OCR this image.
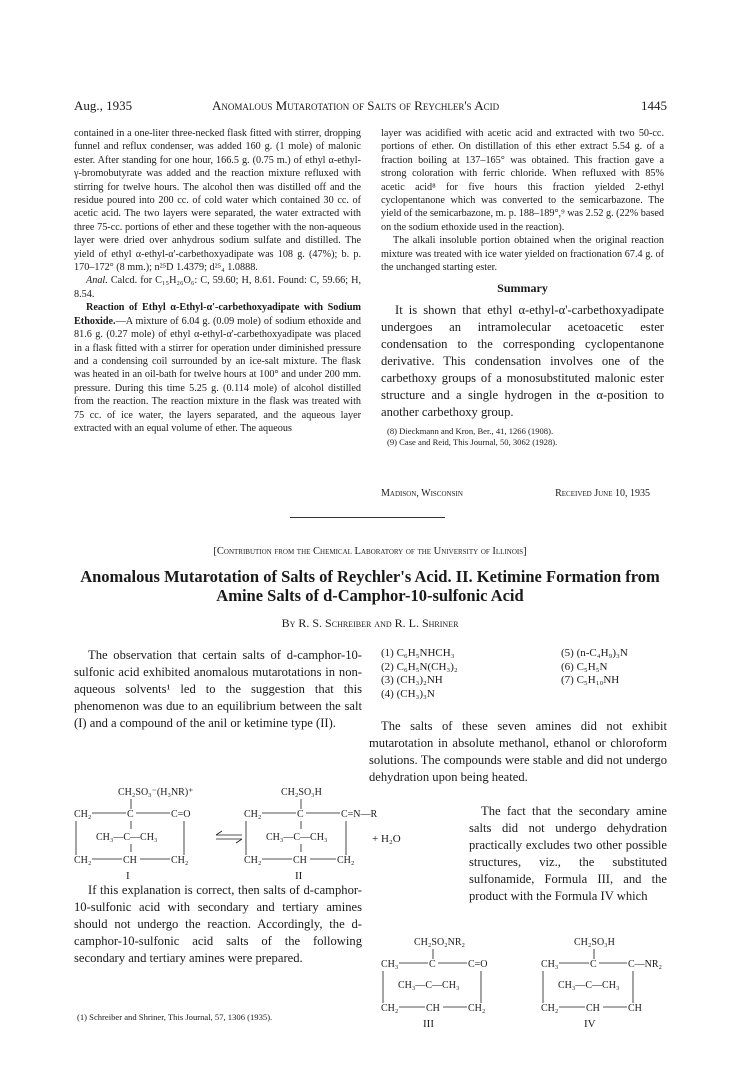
Aug., 1935	Anomalous Mutarotation of Salts of Reychler's Acid	1445

contained in a one-liter three-necked flask fitted with stirrer, dropping funnel and reflux condenser, was added 160 g. (1 mole) of malonic ester. After standing for one hour, 166.5 g. (0.75 m.) of ethyl α-ethyl-γ-bromobutyrate was added and the reaction mixture refluxed with stirring for twelve hours. The alcohol then was distilled off and the residue poured into 200 cc. of cold water which contained 30 cc. of acetic acid. The two layers were separated, the water extracted with three 75-cc. portions of ether and these together with the non-aqueous layer were dried over anhydrous sodium sulfate and distilled. The yield of ethyl α-ethyl-α'-carbethoxyadipate was 108 g. (47%); b. p. 170–172° (8 mm.); n²⁵D 1.4379; d²⁵₄ 1.0888.

Anal. Calcd. for C₁₅H₂₆O₆: C, 59.60; H, 8.61. Found: C, 59.66; H, 8.54.

Reaction of Ethyl α-Ethyl-α'-carbethoxyadipate with Sodium Ethoxide.—A mixture of 6.04 g. (0.09 mole) of sodium ethoxide and 81.6 g. (0.27 mole) of ethyl α-ethyl-α'-carbethoxyadipate was placed in a flask fitted with a stirrer for operation under diminished pressure and a condensing coil surrounded by an ice-salt mixture. The flask was heated in an oil-bath for twelve hours at 100° and under 200 mm. pressure. During this time 5.25 g. (0.114 mole) of alcohol distilled from the reaction. The reaction mixture in the flask was treated with 75 cc. of ice water, the layers separated, and the aqueous layer extracted with an equal volume of ether. The aqueous

layer was acidified with acetic acid and extracted with two 50-cc. portions of ether. On distillation of this ether extract 5.54 g. of a fraction boiling at 137–165° was obtained. This fraction gave a strong coloration with ferric chloride. When refluxed with 85% acetic acid⁸ for five hours this fraction yielded 2-ethyl cyclopentanone which was converted to the semicarbazone. The yield of the semicarbazone, m. p. 188–189°,⁹ was 2.52 g. (22% based on the sodium ethoxide used in the reaction).

The alkali insoluble portion obtained when the original reaction mixture was treated with ice water yielded on fractionation 67.4 g. of the unchanged starting ester.

Summary

It is shown that ethyl α-ethyl-α'-carbethoxyadipate undergoes an intramolecular acetoacetic ester condensation to the corresponding cyclopentanone derivative. This condensation involves one of the carbethoxy groups of a monosubstituted malonic ester structure and a single hydrogen in the α-position to another carbethoxy group.

(8) Dieckmann and Kron, Ber., 41, 1266 (1908).
(9) Case and Reid, This Journal, 50, 3062 (1928).
Madison, Wisconsin	Received June 10, 1935
[Contribution from the Chemical Laboratory of the University of Illinois]
Anomalous Mutarotation of Salts of Reychler's Acid. II. Ketimine Formation from
Amine Salts of d-Camphor-10-sulfonic Acid
By R. S. Schreiber and R. L. Shriner

The observation that certain salts of d-camphor-10-sulfonic acid exhibited anomalous mutarotations in non-aqueous solvents¹ led to the suggestion that this phenomenon was due to an equilibrium between the salt (I) and a compound of the anil or ketimine type (II).

(1) C₆H₅NHCH₃	(5) (n-C₄H₉)₃N
(2) C₆H₅N(CH₃)₂	(6) C₅H₅N
(3) (CH₃)₂NH	(7) C₅H₁₀NH
(4) (CH₃)₃N

The salts of these seven amines did not exhibit mutarotation in absolute methanol, ethanol or chloroform solutions. The compounds were stable and did not undergo dehydration upon being heated.

CH₂SO₃⁻(H₃NR)⁺
CH₂	C	C=O
CH₃—C—CH₃
CH₂	CH	CH₂
I
CH₂SO₃H
CH₂	C	C=N—R
CH₃—C—CH₃
CH₂	CH	CH₂
II
+ H₂O

If this explanation is correct, then salts of d-camphor-10-sulfonic acid with secondary and tertiary amines should not undergo the reaction. Accordingly, the d-camphor-10-sulfonic acid salts of the following secondary and tertiary amines were prepared.

The fact that the secondary amine salts did not undergo dehydration practically excludes two other possible structures, viz., the substituted sulfonamide, Formula III, and the product with the Formula IV which

CH₂SO₂NR₂
CH₃	C	C=O
CH₃—C—CH₃
CH₂	CH	CH₂
III
CH₂SO₃H
CH₃	C	C—NR₂
CH₃—C—CH₃
CH₂	CH	CH
IV
(1) Schreiber and Shriner, This Journal, 57, 1306 (1935).
